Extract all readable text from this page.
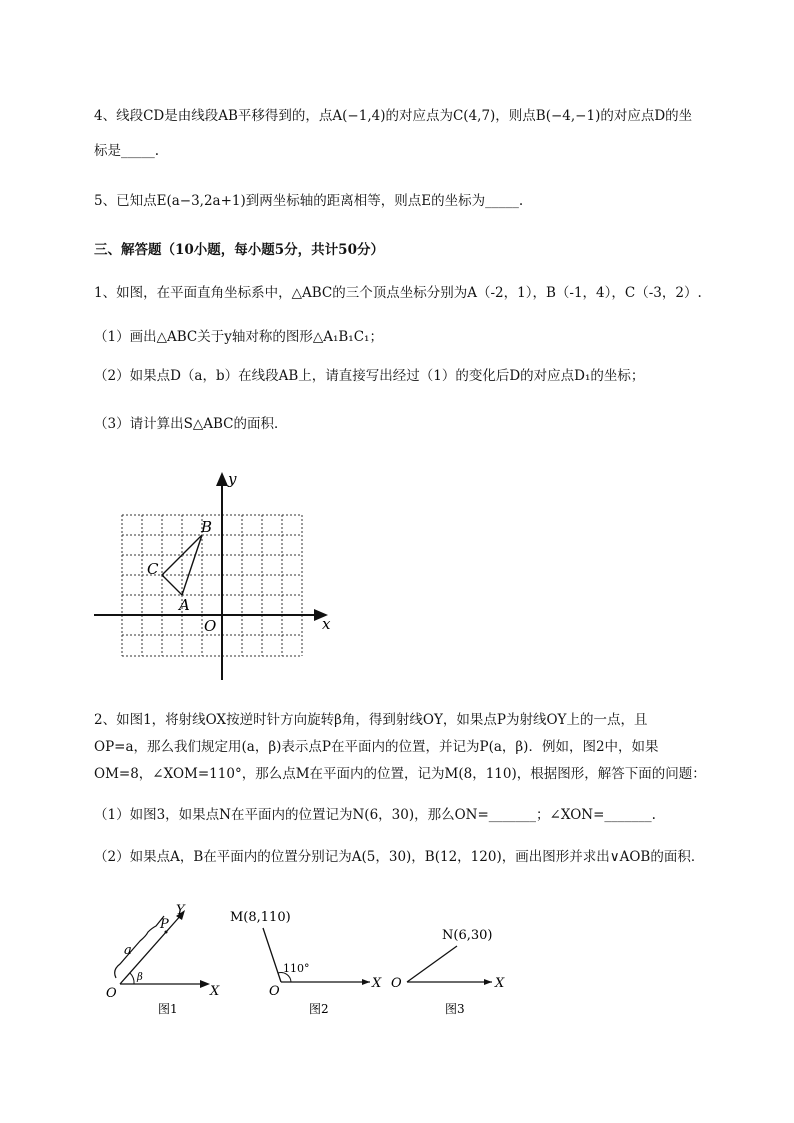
4、线段CD是由线段AB平移得到的，点A(−1,4)的对应点为C(4,7)，则点B(−4,−1)的对应点D的坐
标是_____.
5、已知点E(a−3,2a+1)到两坐标轴的距离相等，则点E的坐标为_____.
三、解答题（10小题，每小题5分，共计50分）
1、如图，在平面直角坐标系中，△ABC的三个顶点坐标分别为A（-2，1），B（-1，4），C（-3，2）.
（1）画出△ABC关于y轴对称的图形△A₁B₁C₁；
（2）如果点D（a，b）在线段AB上，请直接写出经过（1）的变化后D的对应点D₁的坐标；
（3）请计算出S△ABC的面积．
y
x
O
A
B
C
2、如图1，将射线OX按逆时针方向旋转β角，得到射线OY，如果点P为射线OY上的一点，且
OP=a，那么我们规定用(a，β)表示点P在平面内的位置，并记为P(a，β)．例如，图2中，如果
OM=8，∠XOM=110°，那么点M在平面内的位置，记为M(8，110)，根据图形，解答下面的问题：
（1）如图3，如果点N在平面内的位置记为N(6，30)，那么ON=_______；∠XON=_______.
（2）如果点A，B在平面内的位置分别记为A(5，30)，B(12，120)，画出图形并求出∨AOB的面积．
Y
P
a
β
O	X
图1
M(8,110)
110°
O
X
图2
N(6,30)
O	X
图3
